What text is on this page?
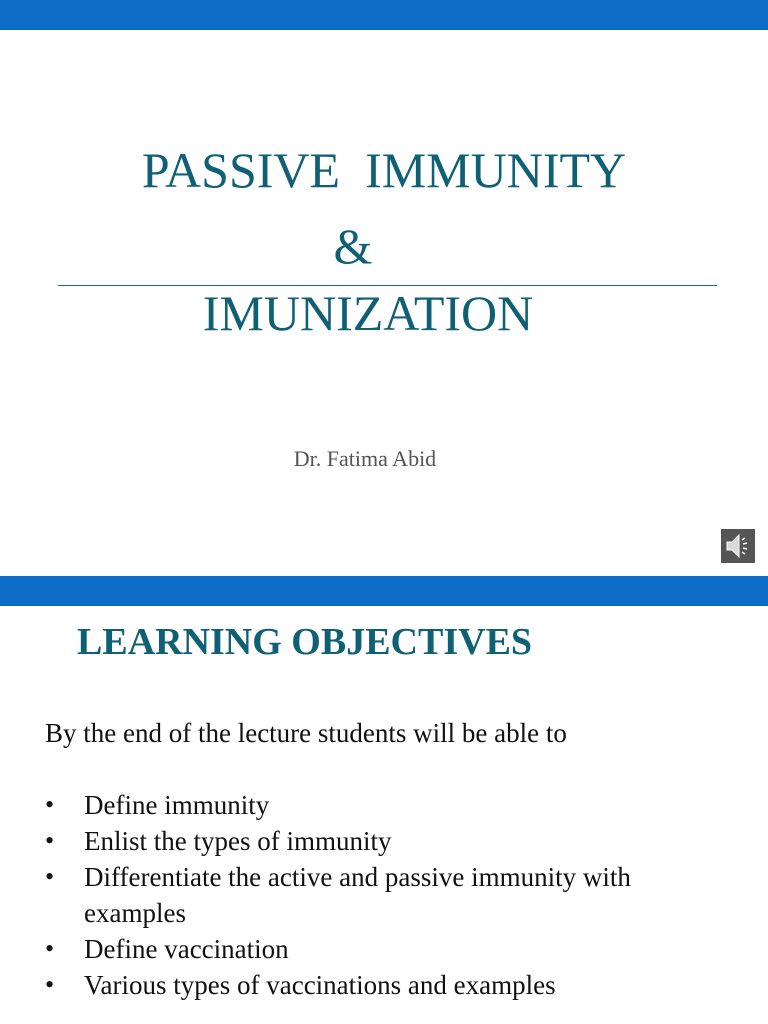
PASSIVE  IMMUNITY
&
IMUNIZATION
Dr. Fatima Abid
LEARNING OBJECTIVES
By the end of the lecture students will be able to
•	Define immunity
•	Enlist the types of immunity
•	Differentiate the active and passive immunity with examples
•	Define vaccination
•	Various types of vaccinations and examples
